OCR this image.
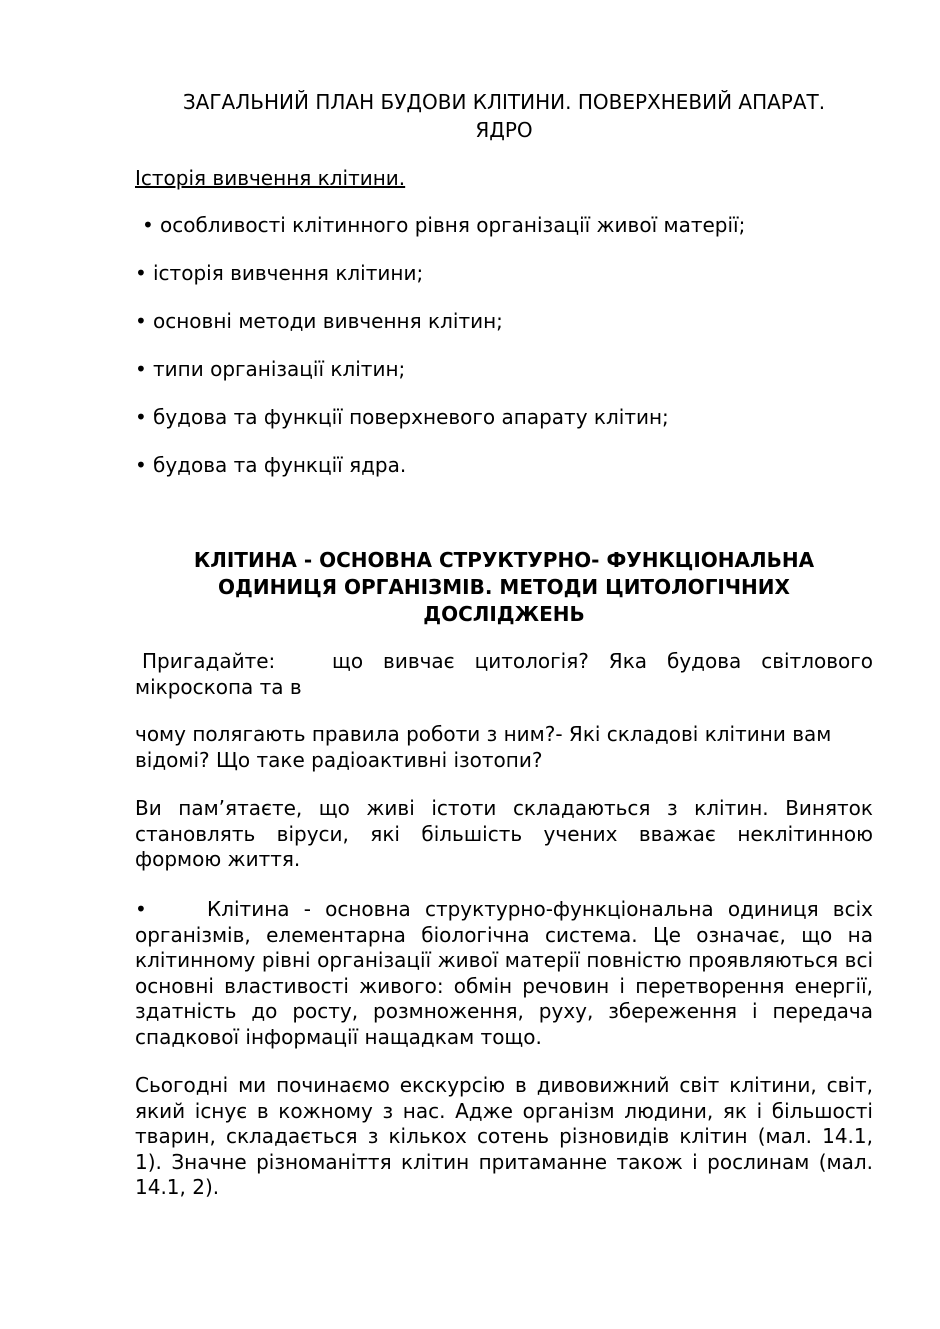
ЗАГАЛЬНИЙ ПЛАН БУДОВИ КЛІТИНИ. ПОВЕРХНЕВИЙ АПАРАТ.
ЯДРО
Історія вивчення клітини.
• особливості клітинного рівня організації живої матерії;
• історія вивчення клітини;
• основні методи вивчення клітин;
• типи організації клітин;
• будова та функції поверхневого апарату клітин;
• будова та функції ядра.
КЛІТИНА - ОСНОВНА СТРУКТУРНО- ФУНКЦІОНАЛЬНА
ОДИНИЦЯ ОРГАНІЗМІВ. МЕТОДИ ЦИТОЛОГІЧНИХ
ДОСЛІДЖЕНЬ

Пригадайте:	що вивчає цитологія? Яка будова світлового мікроскопа та в

чому полягають правила роботи з ним?- Які складові клітини вам відомі? Що таке радіоактивні ізотопи?

Ви пам’ятаєте, що живі істоти складаються з клітин. Виняток становлять віруси, які більшість учених вважає неклітинною формою життя.

•	Клітина - основна структурно-функціональна одиниця всіх організмів, елементарна біологічна система. Це означає, що на клітинному рівні організації живої матерії повністю проявляються всі основні властивості живого: обмін речовин і перетворення енергії, здатність до росту, розмноження, руху, збереження і передача спадкової інформації нащадкам тощо.

Сьогодні ми починаємо екскурсію в дивовижний світ клітини, світ, який існує в кожному з нас. Адже організм людини, як і більшості тварин, складається з кількох сотень різновидів клітин (мал. 14.1, 1). Значне різноманіття клітин притаманне також і рослинам (мал. 14.1, 2).
